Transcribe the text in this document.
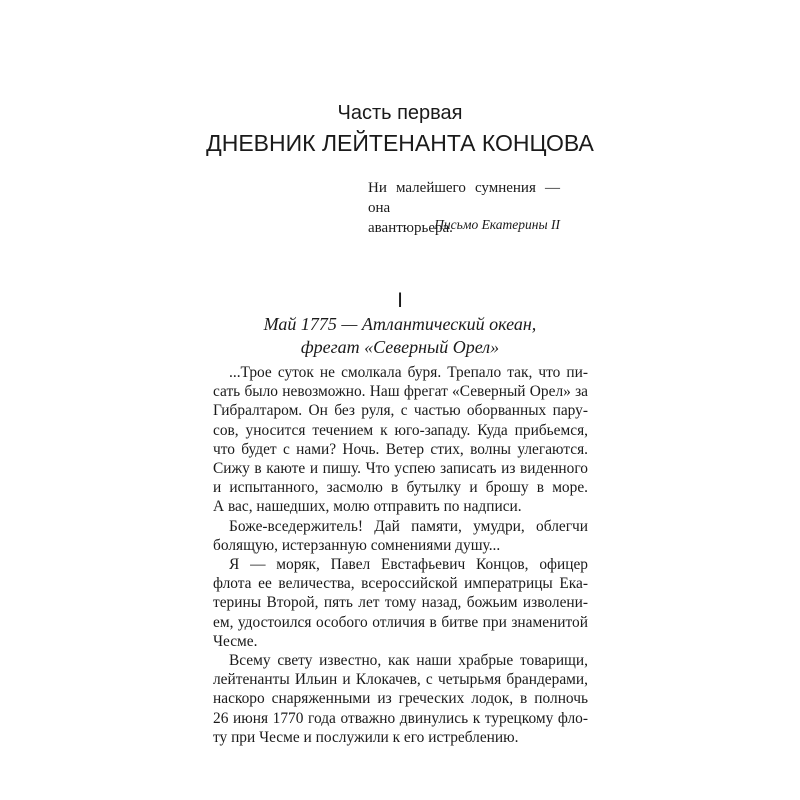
Часть первая
ДНЕВНИК ЛЕЙТЕНАНТА КОНЦОВА
Ни малейшего сумнения — она
авантюрьера.
Письмо Екатерины II
I
Май 1775 — Атлантический океан,
фрегат «Северный Орел»
...Трое суток не смолкала буря. Трепало так, что пи-
сать было невозможно. Наш фрегат «Северный Орел» за
Гибралтаром. Он без руля, с частью оборванных пару-
сов, уносится течением к юго-западу. Куда прибьемся,
что будет с нами? Ночь. Ветер стих, волны улегаются.
Сижу в каюте и пишу. Что успею записать из виденного
и испытанного, засмолю в бутылку и брошу в море.
А вас, нашедших, молю отправить по надписи.
Боже-вседержитель! Дай памяти, умудри, облегчи
болящую, истерзанную сомнениями душу...
Я — моряк, Павел Евстафьевич Концов, офицер
флота ее величества, всероссийской императрицы Ека-
терины Второй, пять лет тому назад, божьим изволени-
ем, удостоился особого отличия в битве при знаменитой
Чесме.
Всему свету известно, как наши храбрые товарищи,
лейтенанты Ильин и Клокачев, с четырьмя брандерами,
наскоро снаряженными из греческих лодок, в полночь
26 июня 1770 года отважно двинулись к турецкому фло-
ту при Чесме и послужили к его истреблению.
